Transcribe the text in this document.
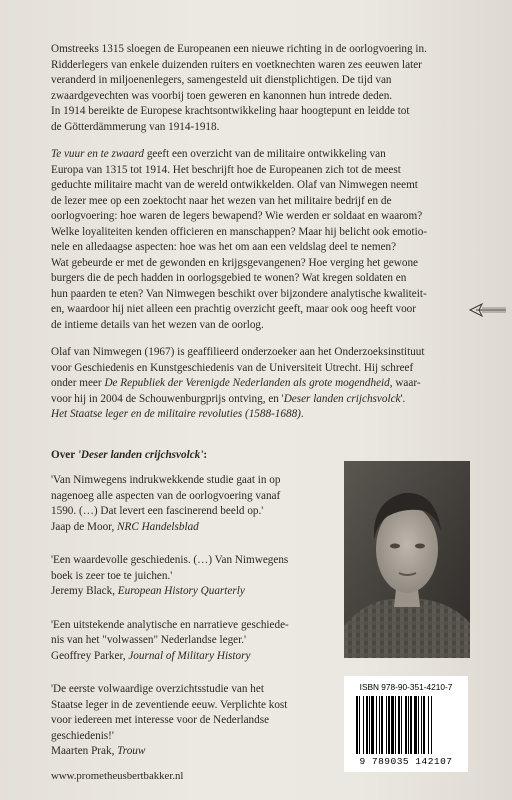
Omstreeks 1315 sloegen de Europeanen een nieuwe richting in de oorlogvoering in.
Ridderlegers van enkele duizenden ruiters en voetknechten waren zes eeuwen later
veranderd in miljoenenlegers, samengesteld uit dienstplichtigen. De tijd van
zwaardgevechten was voorbij toen geweren en kanonnen hun intrede deden.
In 1914 bereikte de Europese krachtsontwikkeling haar hoogtepunt en leidde tot
de Götterdämmerung van 1914-1918.

Te vuur en te zwaard geeft een overzicht van de militaire ontwikkeling van
Europa van 1315 tot 1914. Het beschrijft hoe de Europeanen zich tot de meest
geduchte militaire macht van de wereld ontwikkelden. Olaf van Nimwegen neemt
de lezer mee op een zoektocht naar het wezen van het militaire bedrijf en de
oorlogvoering: hoe waren de legers bewapend? Wie werden er soldaat en waarom?
Welke loyaliteiten kenden officieren en manschappen? Maar hij belicht ook emotio-
nele en alledaagse aspecten: hoe was het om aan een veldslag deel te nemen?
Wat gebeurde er met de gewonden en krijgsgevangenen? Hoe verging het gewone
burgers die de pech hadden in oorlogsgebied te wonen? Wat kregen soldaten en
hun paarden te eten? Van Nimwegen beschikt over bijzondere analytische kwaliteit-
en, waardoor hij niet alleen een prachtig overzicht geeft, maar ook oog heeft voor
de intieme details van het wezen van de oorlog.

Olaf van Nimwegen (1967) is geaffilieerd onderzoeker aan het Onderzoeksinstituut
voor Geschiedenis en Kunstgeschiedenis van de Universiteit Utrecht. Hij schreef
onder meer De Republiek der Verenigde Nederlanden als grote mogendheid, waar-
voor hij in 2004 de Schouwenburgprijs ontving, en 'Deser landen crijchsvolck'.
Het Staatse leger en de militaire revoluties (1588-1688).

Over 'Deser landen crijchsvolck':
'Van Nimwegens indrukwekkende studie gaat in op
nagenoeg alle aspecten van de oorlogvoering vanaf
1590. (…) Dat levert een fascinerend beeld op.'
Jaap de Moor, NRC Handelsblad
'Een waardevolle geschiedenis. (…) Van Nimwegens
boek is zeer toe te juichen.'
Jeremy Black, European History Quarterly
'Een uitstekende analytische en narratieve geschiede-
nis van het "volwassen" Nederlandse leger.'
Geoffrey Parker, Journal of Military History
'De eerste volwaardige overzichtsstudie van het
Staatse leger in de zeventiende eeuw. Verplichte kost
voor iedereen met interesse voor de Nederlandse
geschiedenis!'
Maarten Prak, Trouw
ISBN 978-90-351-4210-7
9 789035 142107
www.prometheusbertbakker.nl
